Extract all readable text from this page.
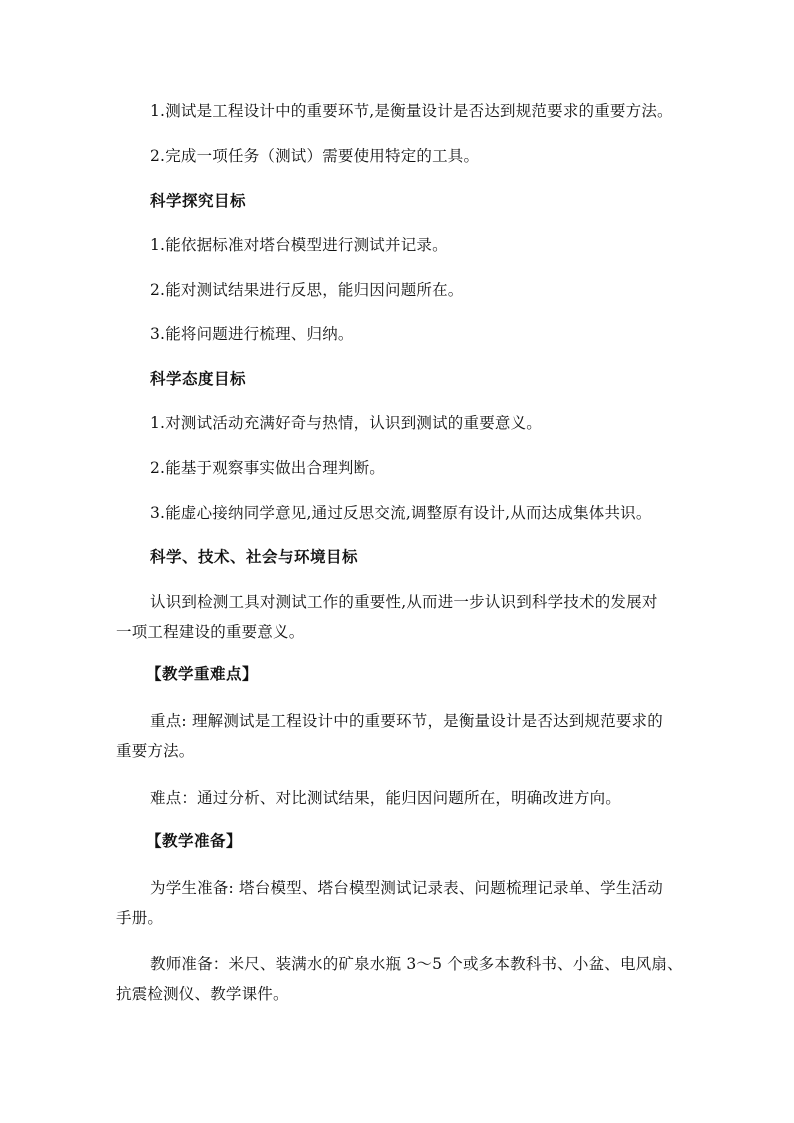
1.测试是工程设计中的重要环节,是衡量设计是否达到规范要求的重要方法。
2.完成一项任务（测试）需要使用特定的工具。
科学探究目标
1.能依据标准对塔台模型进行测试并记录。
2.能对测试结果进行反思，能归因问题所在。
3.能将问题进行梳理、归纳。
科学态度目标
1.对测试活动充满好奇与热情，认识到测试的重要意义。
2.能基于观察事实做出合理判断。
3.能虚心接纳同学意见,通过反思交流,调整原有设计,从而达成集体共识。
科学、技术、社会与环境目标
认识到检测工具对测试工作的重要性,从而进一步认识到科学技术的发展对
一项工程建设的重要意义。
【教学重难点】
重点: 理解测试是工程设计中的重要环节，是衡量设计是否达到规范要求的
重要方法。
难点：通过分析、对比测试结果，能归因问题所在，明确改进方向。
【教学准备】
为学生准备: 塔台模型、塔台模型测试记录表、问题梳理记录单、学生活动
手册。
教师准备：米尺、装满水的矿泉水瓶 3～5 个或多本教科书、小盆、电风扇、
抗震检测仪、教学课件。
